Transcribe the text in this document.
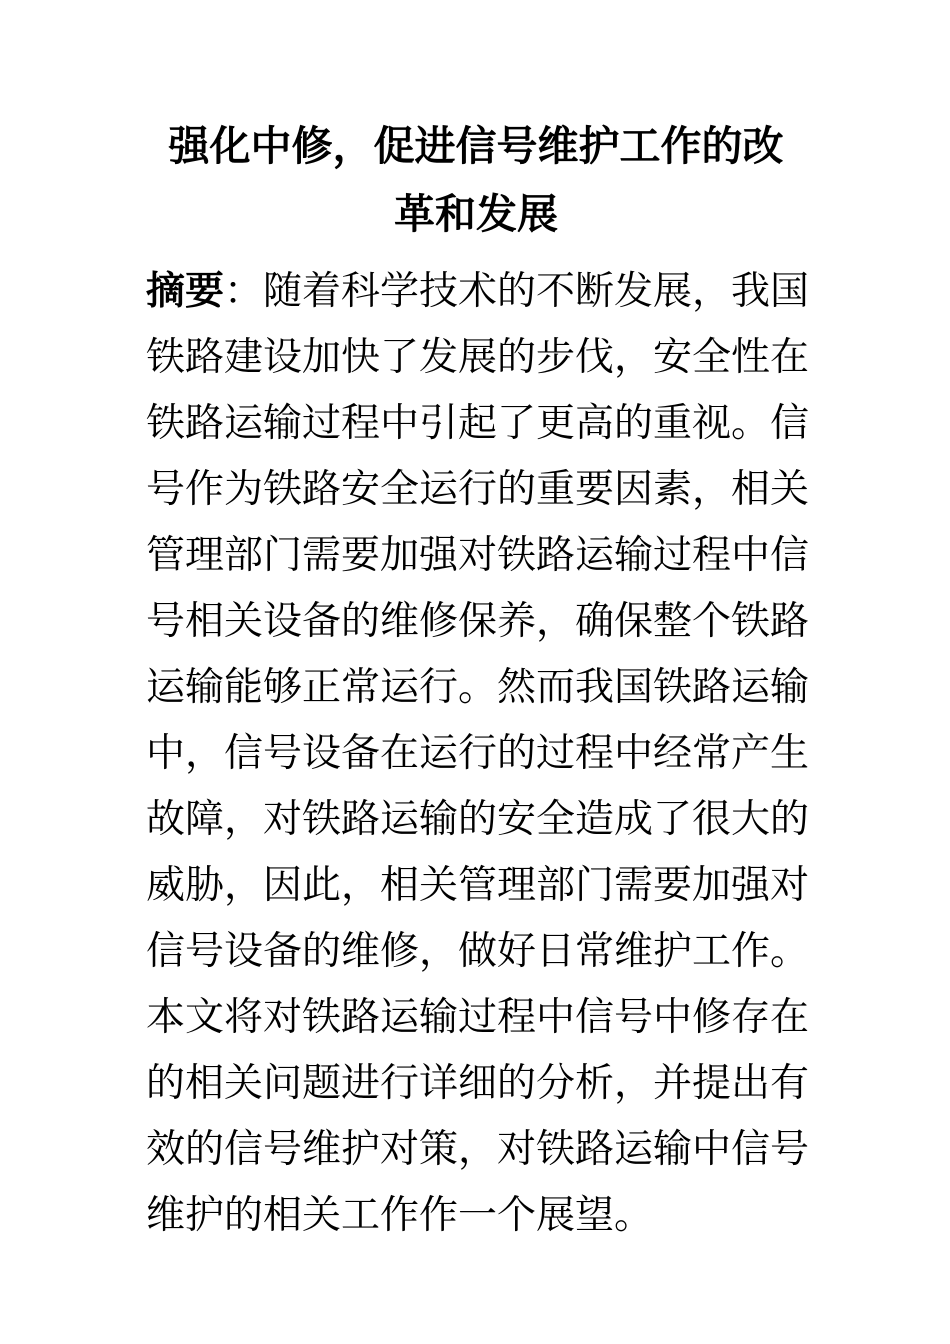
强化中修，促进信号维护工作的改
革和发展
摘要：随着科学技术的不断发展，我国
铁路建设加快了发展的步伐，安全性在
铁路运输过程中引起了更高的重视。信
号作为铁路安全运行的重要因素，相关
管理部门需要加强对铁路运输过程中信
号相关设备的维修保养，确保整个铁路
运输能够正常运行。然而我国铁路运输
中，信号设备在运行的过程中经常产生
故障，对铁路运输的安全造成了很大的
威胁，因此，相关管理部门需要加强对
信号设备的维修，做好日常维护工作。
本文将对铁路运输过程中信号中修存在
的相关问题进行详细的分析，并提出有
效的信号维护对策，对铁路运输中信号
维护的相关工作作一个展望。
